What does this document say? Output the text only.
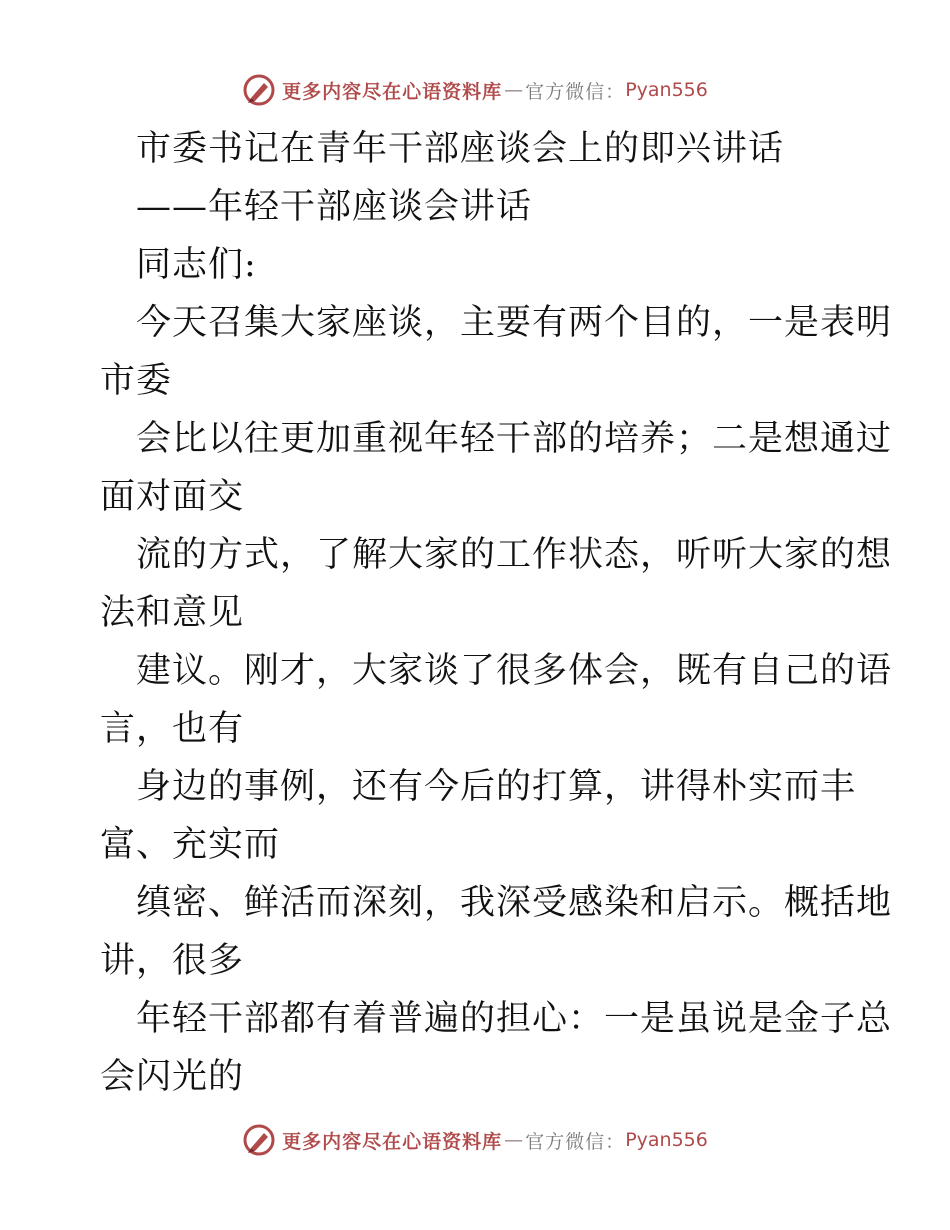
更多内容尽在心语资料库 — 官方微信： Pyan556
市委书记在青年干部座谈会上的即兴讲话
——年轻干部座谈会讲话
同志们:
今天召集大家座谈，主要有两个目的，一是表明
市委
会比以往更加重视年轻干部的培养；二是想通过
面对面交
流的方式，了解大家的工作状态，听听大家的想
法和意见
建议。刚才，大家谈了很多体会，既有自己的语
言，也有
身边的事例，还有今后的打算，讲得朴实而丰
富、充实而
缜密、鲜活而深刻，我深受感染和启示。概括地
讲，很多
年轻干部都有着普遍的担心：一是虽说是金子总
会闪光的
更多内容尽在心语资料库 — 官方微信： Pyan556
